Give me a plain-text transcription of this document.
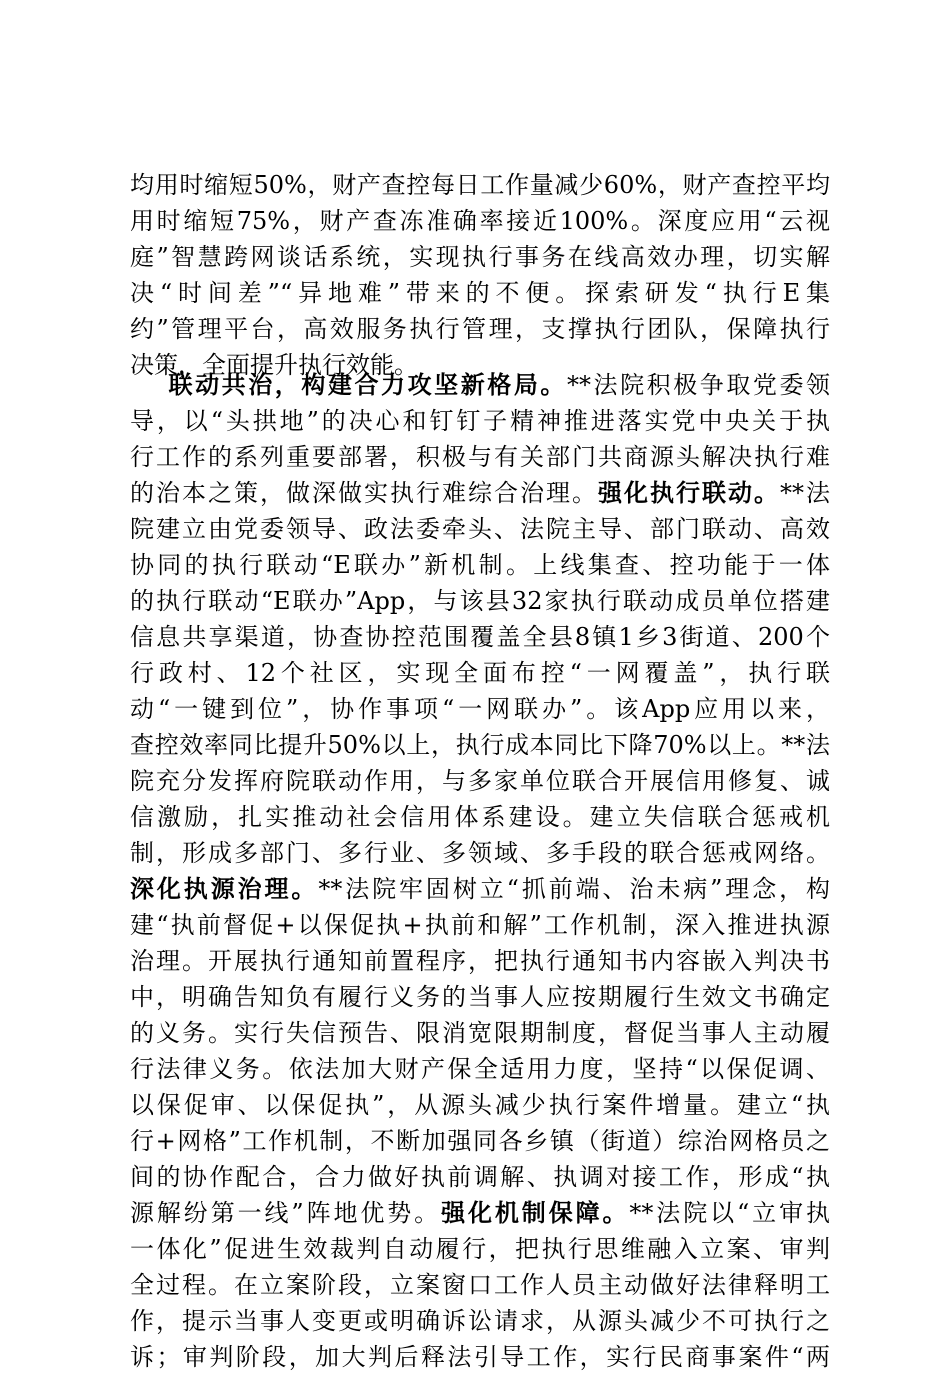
均用时缩短50%，财产查控每日工作量减少60%，财产查控平均
用时缩短75%，财产查冻准确率接近100%。深度应用“云视
庭”智慧跨网谈话系统，实现执行事务在线高效办理，切实解
决“时间差”“异地难”带来的不便。探索研发“执行E集
约”管理平台，高效服务执行管理，支撑执行团队，保障执行
决策，全面提升执行效能。
联动共治，构建合力攻坚新格局。**法院积极争取党委领
导，以“头拱地”的决心和钉钉子精神推进落实党中央关于执
行工作的系列重要部署，积极与有关部门共商源头解决执行难
的治本之策，做深做实执行难综合治理。强化执行联动。**法
院建立由党委领导、政法委牵头、法院主导、部门联动、高效
协同的执行联动“E联办”新机制。上线集查、控功能于一体
的执行联动“E联办”App，与该县32家执行联动成员单位搭建
信息共享渠道，协查协控范围覆盖全县8镇1乡3街道、200个
行政村、12个社区，实现全面布控“一网覆盖”，执行联
动“一键到位”，协作事项“一网联办”。该App应用以来，
查控效率同比提升50%以上，执行成本同比下降70%以上。**法
院充分发挥府院联动作用，与多家单位联合开展信用修复、诚
信激励，扎实推动社会信用体系建设。建立失信联合惩戒机
制，形成多部门、多行业、多领域、多手段的联合惩戒网络。
深化执源治理。**法院牢固树立“抓前端、治未病”理念，构
建“执前督促+以保促执+执前和解”工作机制，深入推进执源
治理。开展执行通知前置程序，把执行通知书内容嵌入判决书
中，明确告知负有履行义务的当事人应按期履行生效文书确定
的义务。实行失信预告、限消宽限期制度，督促当事人主动履
行法律义务。依法加大财产保全适用力度，坚持“以保促调、
以保促审、以保促执”，从源头减少执行案件增量。建立“执
行+网格”工作机制，不断加强同各乡镇（街道）综治网格员之
间的协作配合，合力做好执前调解、执调对接工作，形成“执
源解纷第一线”阵地优势。强化机制保障。**法院以“立审执
一体化”促进生效裁判自动履行，把执行思维融入立案、审判
全过程。在立案阶段，立案窗口工作人员主动做好法律释明工
作，提示当事人变更或明确诉讼请求，从源头减少不可执行之
诉；审判阶段，加大判后释法引导工作，实行民商事案件“两
